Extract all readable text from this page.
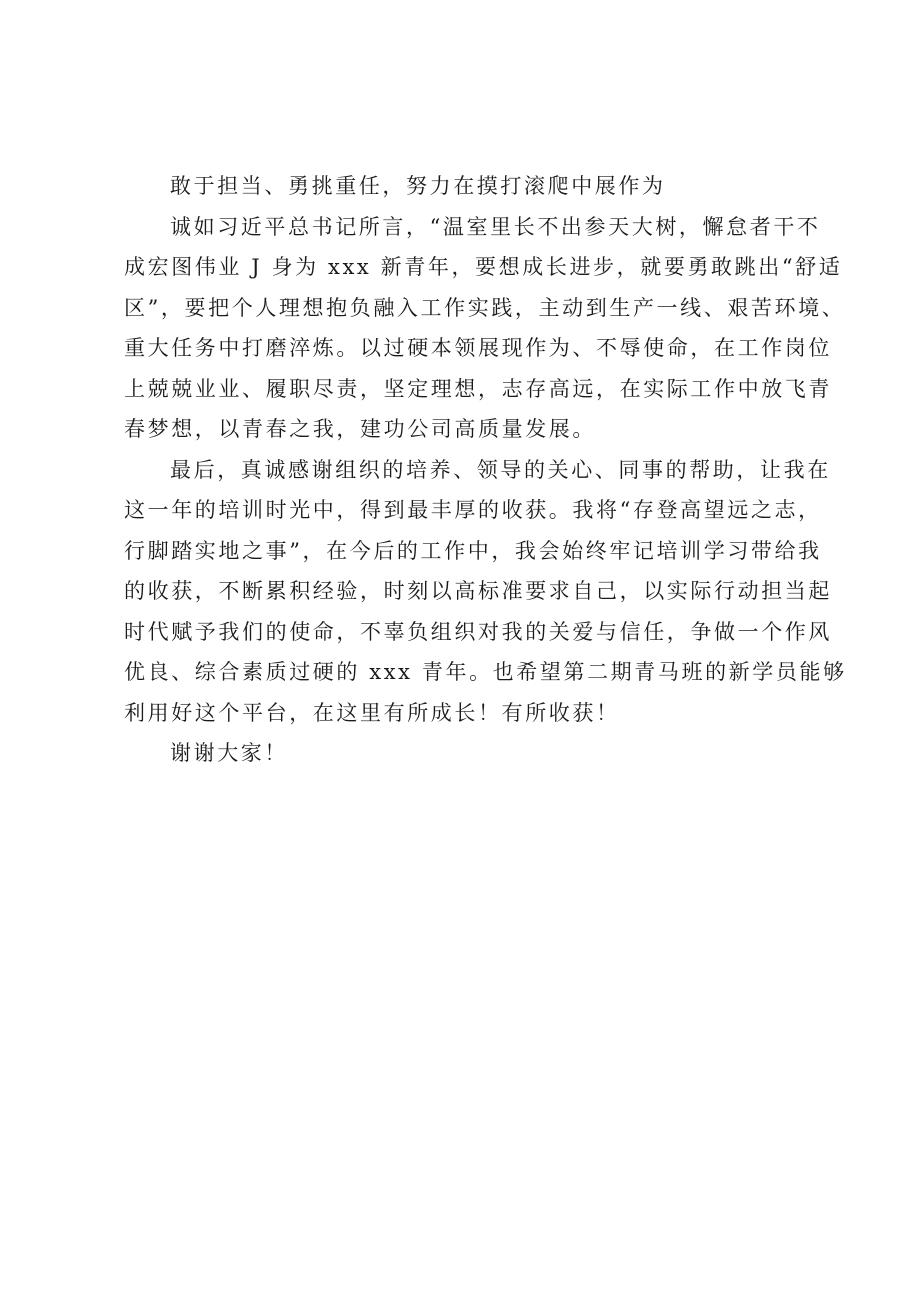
敢于担当、勇挑重任，努力在摸打滚爬中展作为

诚如习近平总书记所言，“温室里长不出参天大树，懈怠者干不

成宏图伟业 J 身为 xxx 新青年，要想成长进步，就要勇敢跳出“舒适

区”，要把个人理想抱负融入工作实践，主动到生产一线、艰苦环境、

重大任务中打磨淬炼。以过硬本领展现作为、不辱使命，在工作岗位

上兢兢业业、履职尽责，坚定理想，志存高远，在实际工作中放飞青

春梦想，以青春之我，建功公司高质量发展。

最后，真诚感谢组织的培养、领导的关心、同事的帮助，让我在

这一年的培训时光中，得到最丰厚的收获。我将“存登高望远之志，

行脚踏实地之事”，在今后的工作中，我会始终牢记培训学习带给我

的收获，不断累积经验，时刻以高标准要求自己，以实际行动担当起

时代赋予我们的使命，不辜负组织对我的关爱与信任，争做一个作风

优良、综合素质过硬的 xxx 青年。也希望第二期青马班的新学员能够

利用好这个平台，在这里有所成长！有所收获！

谢谢大家！
